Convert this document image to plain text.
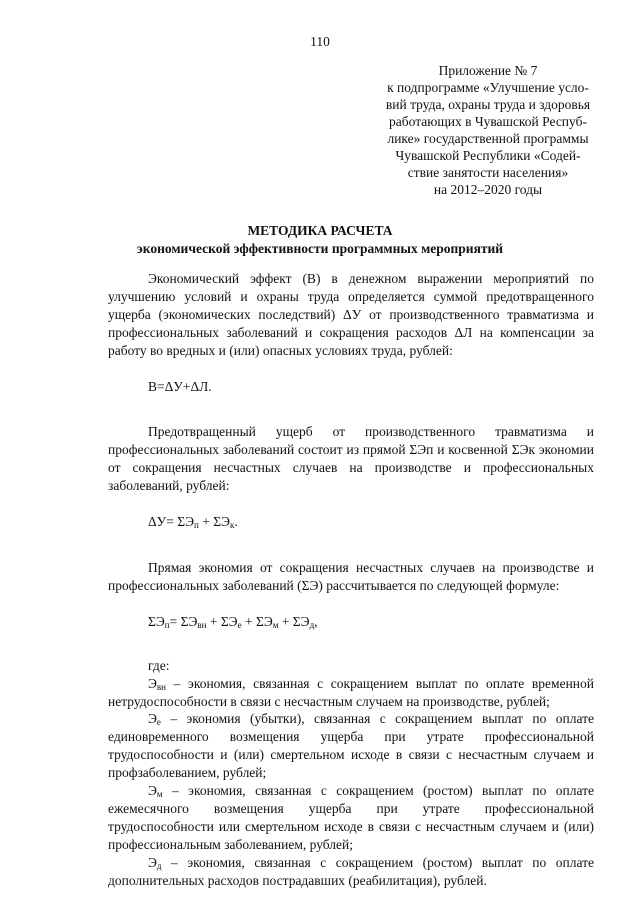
110
Приложение № 7
к подпрограмме «Улучшение усло-
вий труда, охраны труда и здоровья
работающих в Чувашской Респуб-
лике» государственной программы
Чувашской Республики «Содей-
ствие занятости населения»
на 2012–2020 годы
МЕТОДИКА РАСЧЕТА
экономической эффективности программных мероприятий

Экономический эффект (В) в денежном выражении мероприятий по улучшению условий и охраны труда определяется суммой предотвращенного ущерба (экономических последствий) ΔУ от производственного травматизма и профессиональных заболеваний и сокращения расходов ΔЛ на компенсации за работу во вредных и (или) опасных условиях труда, рублей:

В=ΔУ+ΔЛ.

Предотвращенный ущерб от производственного травматизма и профессиональных заболеваний состоит из прямой ΣЭп и косвенной ΣЭк экономии от сокращения несчастных случаев на производстве и профессиональных заболеваний, рублей:

$\Delta У= \Sigma Э_п + \Sigma Э_к$.

Прямая экономия от сокращения несчастных случаев на производстве и профессиональных заболеваний (ΣЭ) рассчитывается по следующей формуле:

$\Sigma Э_п= \Sigma Э_{вн} + \Sigma Э_е + \Sigma Э_м + \Sigma Э_д$,

где:

$Э_{вн}$ – экономия, связанная с сокращением выплат по оплате временной нетрудоспособности в связи с несчастным случаем на производстве, рублей;

$Э_е$ – экономия (убытки), связанная с сокращением выплат по оплате единовременного возмещения ущерба при утрате профессиональной трудоспособности и (или) смертельном исходе в связи с несчастным случаем и профзаболеванием, рублей;

$Э_м$ – экономия, связанная с сокращением (ростом) выплат по оплате ежемесячного возмещения ущерба при утрате профессиональной трудоспособности или смертельном исходе в связи с несчастным случаем и (или) профессиональным заболеванием, рублей;

$Э_д$ – экономия, связанная с сокращением (ростом) выплат по оплате дополнительных расходов пострадавших (реабилитация), рублей.
